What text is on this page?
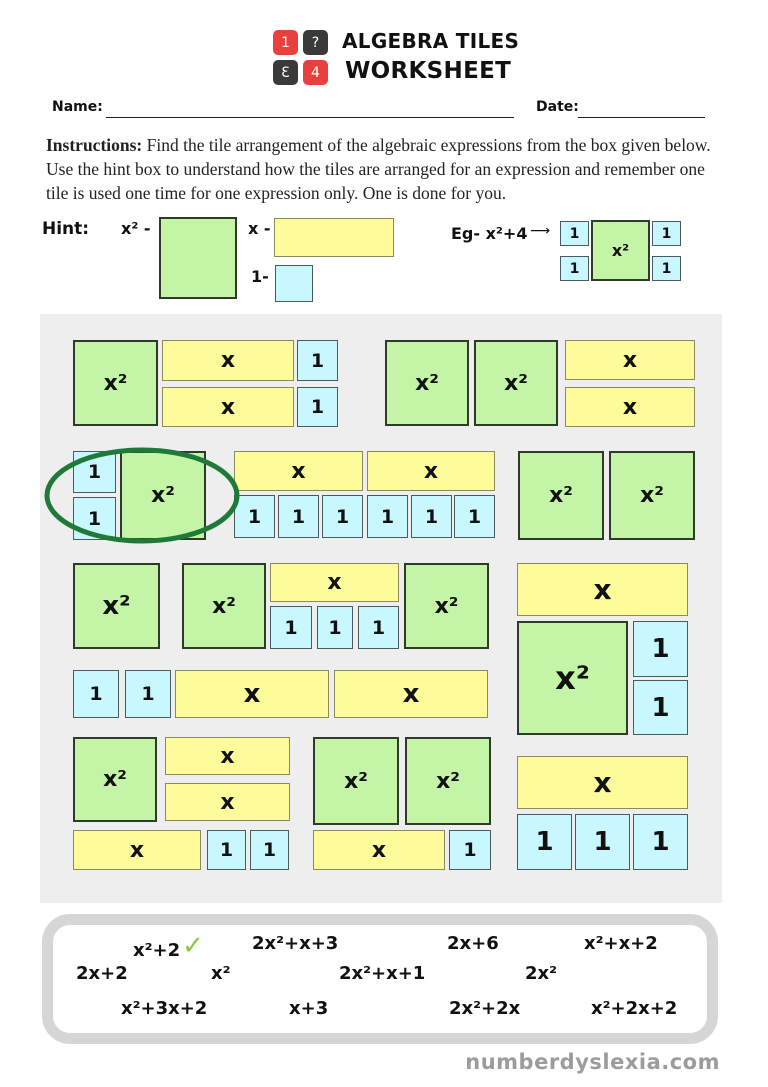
1	?
3	4
ALGEBRA TILES
WORKSHEET
Name:	Date:
Instructions: Find the tile arrangement of the algebraic expressions from the box given below. Use the hint box to understand how the tiles are arranged for an expression and remember one tile is used one time for one expression only. One is done for you.
Hint: x² -	x -
1-
Eg- x²+4 ⟶ 1
1
x²
1
1
x²
x
x
1
1
x²	x²
x
x
1
1
x²
x	x
1 1 1 1 1 1
x²	x²
x²	x²
x
1 1 1
x²
1 1	x	x
x
x²
1
1
x²
x
x
x	1 1
x²	x²
x	1
x
1 1 1
x²+2✓	2x²+x+3	2x+6	x²+x+2
2x+2	x²	2x²+x+1	2x²
x²+3x+2	x+3	2x²+2x	x²+2x+2
numberdyslexia.com
